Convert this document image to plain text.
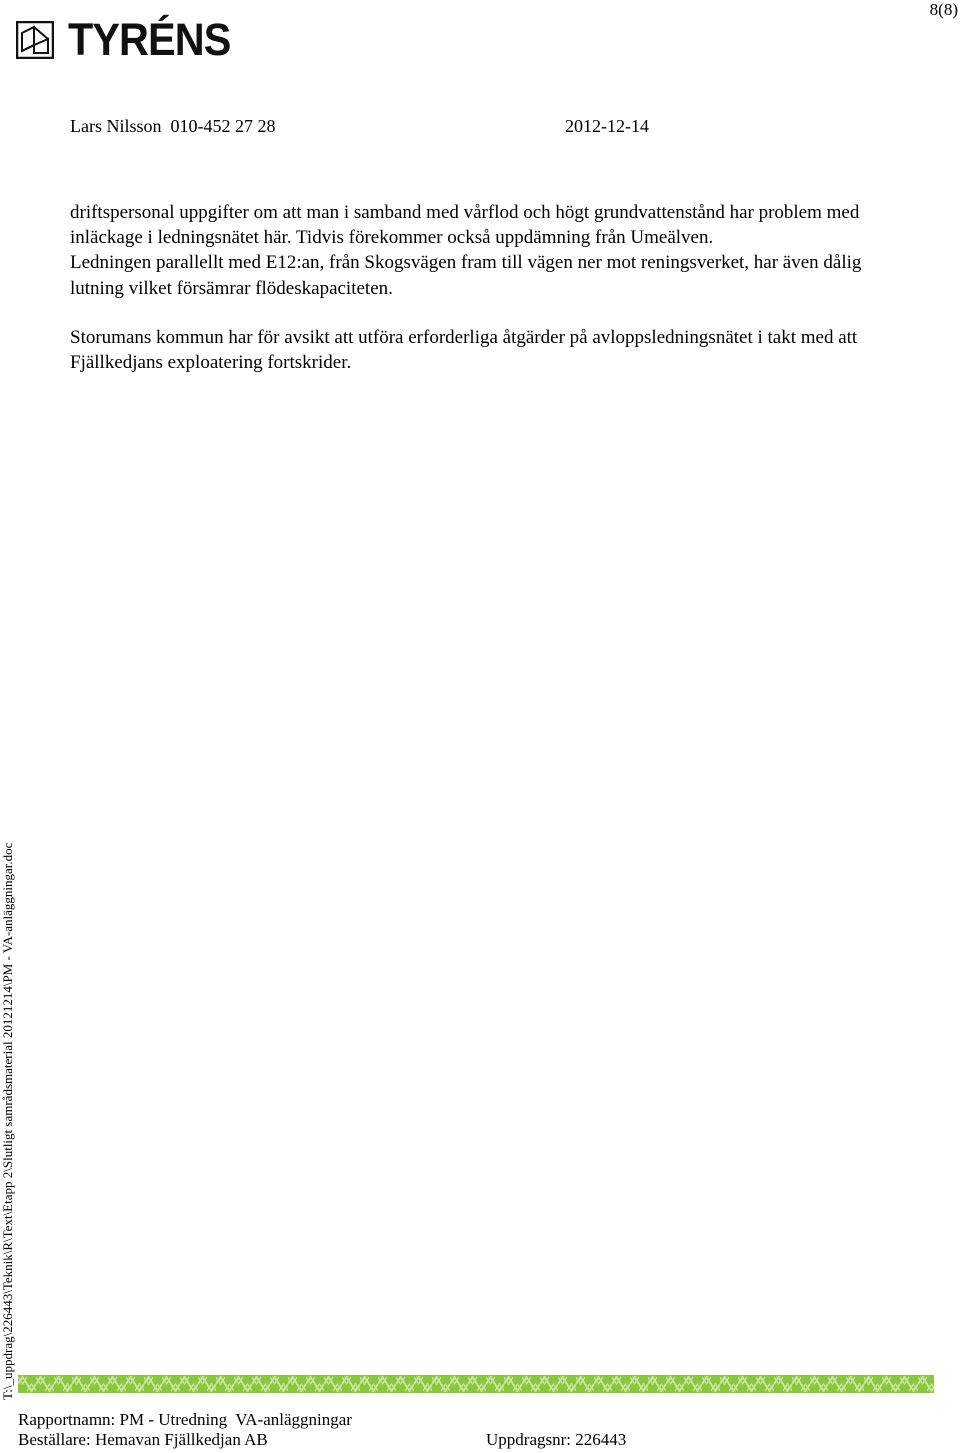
8(8)
TYRÉNS
Lars Nilsson 010-452 27 28	2012-12-14

driftspersonal uppgifter om att man i samband med vårflod och högt grundvattenstånd har problem med inläckage i ledningsnätet här. Tidvis förekommer också uppdämning från Umeälven.

Ledningen parallellt med E12:an, från Skogsvägen fram till vägen ner mot reningsverket, har även dålig lutning vilket försämrar flödeskapaciteten.

Storumans kommun har för avsikt att utföra erforderliga åtgärder på avloppsledningsnätet i takt med att Fjällkedjans exploatering fortskrider.

T:\_uppdrag\226443\Teknik\R\Text\Etapp 2\Slutligt samrådsmaterial 20121214\PM - VA-anläggningar.doc
Rapportnamn: PM - Utredning VA-anläggningar
Beställare: Hemavan Fjällkedjan AB	Uppdragsnr: 226443
